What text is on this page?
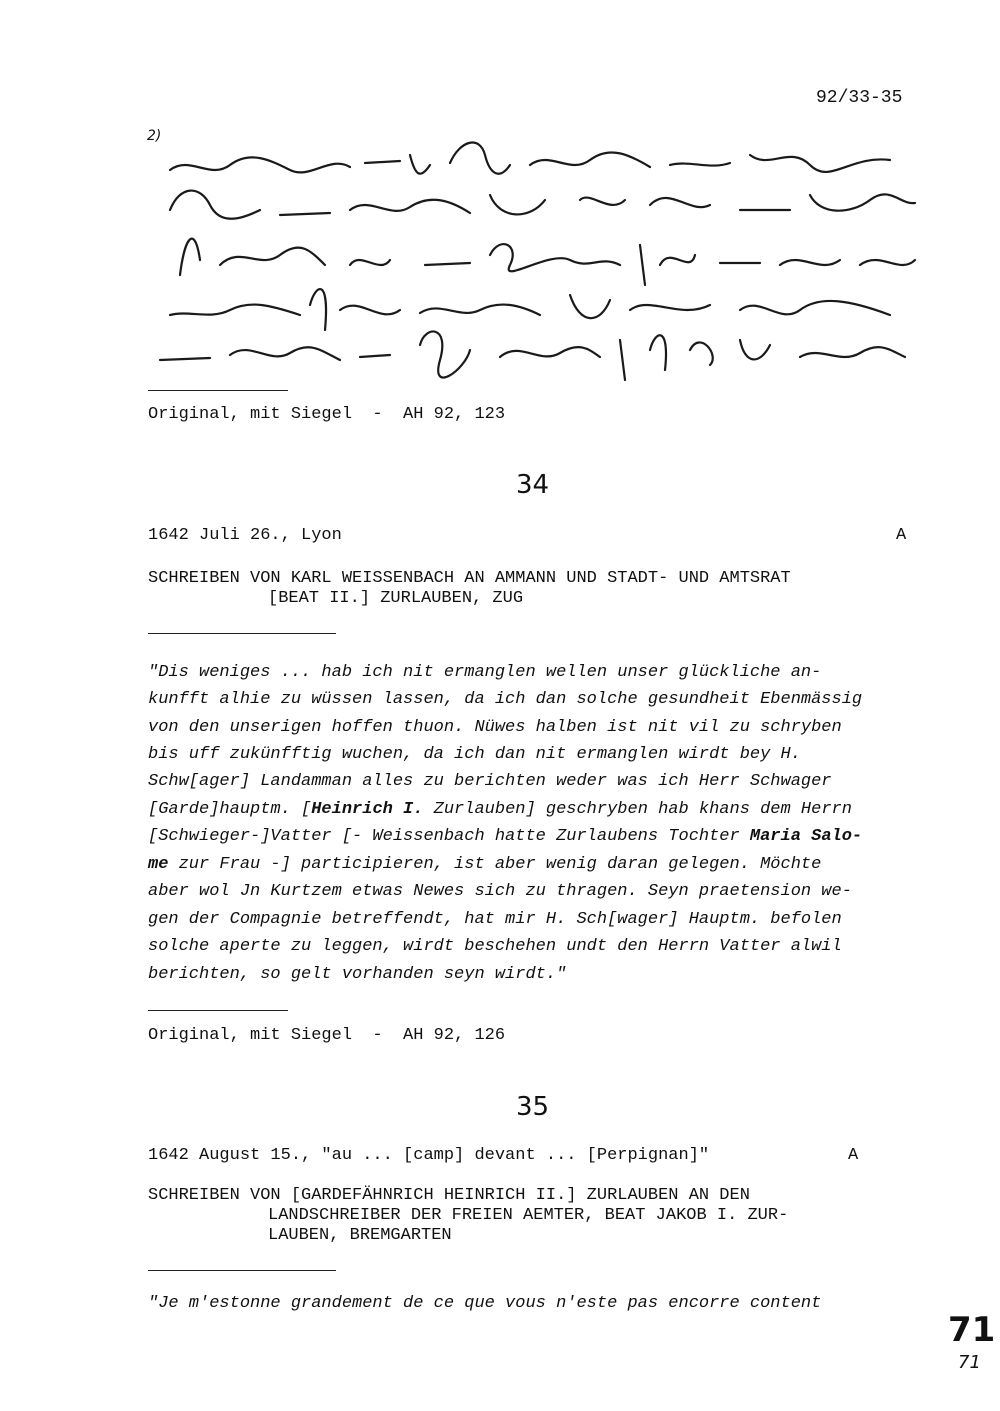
92/33-35
2)
Original, mit Siegel  -  AH 92, 123
34
1642 Juli 26., Lyon	A
SCHREIBEN VON KARL WEISSENBACH AN AMMANN UND STADT- UND AMTSRAT
[BEAT II.] ZURLAUBEN, ZUG
"Dis weniges ... hab ich nit ermanglen wellen unser glückliche an-
kunfft alhie zu wüssen lassen, da ich dan solche gesundheit Ebenmässig
von den unserigen hoffen thuon. Nüwes halben ist nit vil zu schryben
bis uff zukünfftig wuchen, da ich dan nit ermanglen wirdt bey H.
Schw[ager] Landamman alles zu berichten weder was ich Herr Schwager
[Garde]hauptm. [Heinrich I. Zurlauben] geschryben hab khans dem Herrn
[Schwieger-]Vatter [- Weissenbach hatte Zurlaubens Tochter Maria Salo-
me zur Frau -] participieren, ist aber wenig daran gelegen. Möchte
aber wol Jn Kurtzem etwas Newes sich zu thragen. Seyn praetension we-
gen der Compagnie betreffendt, hat mir H. Sch[wager] Hauptm. befolen
solche aperte zu leggen, wirdt beschehen undt den Herrn Vatter alwil
berichten, so gelt vorhanden seyn wirdt."
Original, mit Siegel  -  AH 92, 126
35
1642 August 15., "au ... [camp] devant ... [Perpignan]"	A
SCHREIBEN VON [GARDEFÄHNRICH HEINRICH II.] ZURLAUBEN AN DEN
LANDSCHREIBER DER FREIEN AEMTER, BEAT JAKOB I. ZUR-
LAUBEN, BREMGARTEN
"Je m'estonne grandement de ce que vous n'este pas encorre content
71
71
